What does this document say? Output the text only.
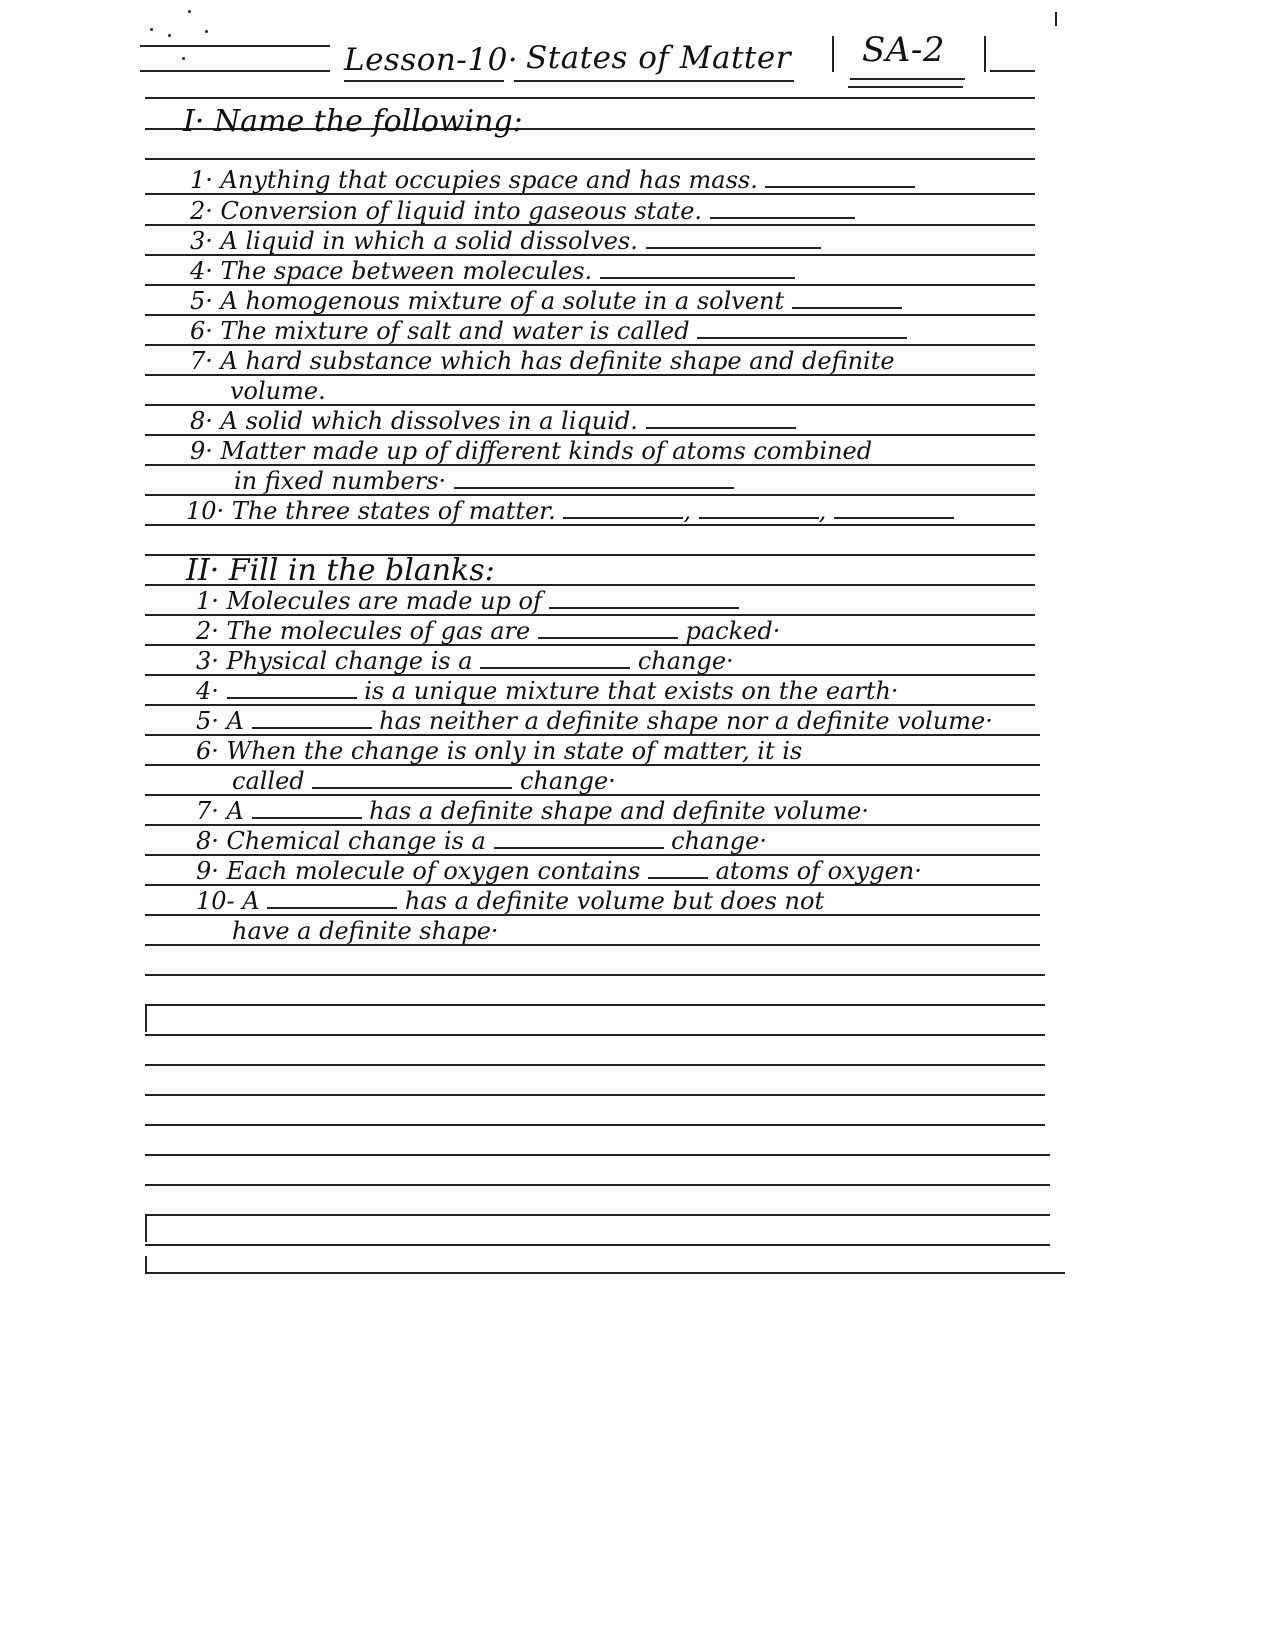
Lesson-10· States of Matter SA-2
I· Name the following:
1· Anything that occupies space and has mass.
2· Conversion of liquid into gaseous state.
3· A liquid in which a solid dissolves.
4· The space between molecules.
5· A homogenous mixture of a solute in a solvent
6· The mixture of salt and water is called
7· A hard substance which has definite shape and definite
volume.
8· A solid which dissolves in a liquid.
9· Matter made up of different kinds of atoms combined
in fixed numbers·
10· The three states of matter.	,	,
II· Fill in the blanks:
1· Molecules are made up of
2· The molecules of gas are	packed·
3· Physical change is a	change·
4·	is a unique mixture that exists on the earth·
5· A	has neither a definite shape nor a definite volume·
6· When the change is only in state of matter, it is
called	change·
7· A	has a definite shape and definite volume·
8· Chemical change is a	change·
9· Each molecule of oxygen contains	atoms of oxygen·
10- A	has a definite volume but does not
have a definite shape·
